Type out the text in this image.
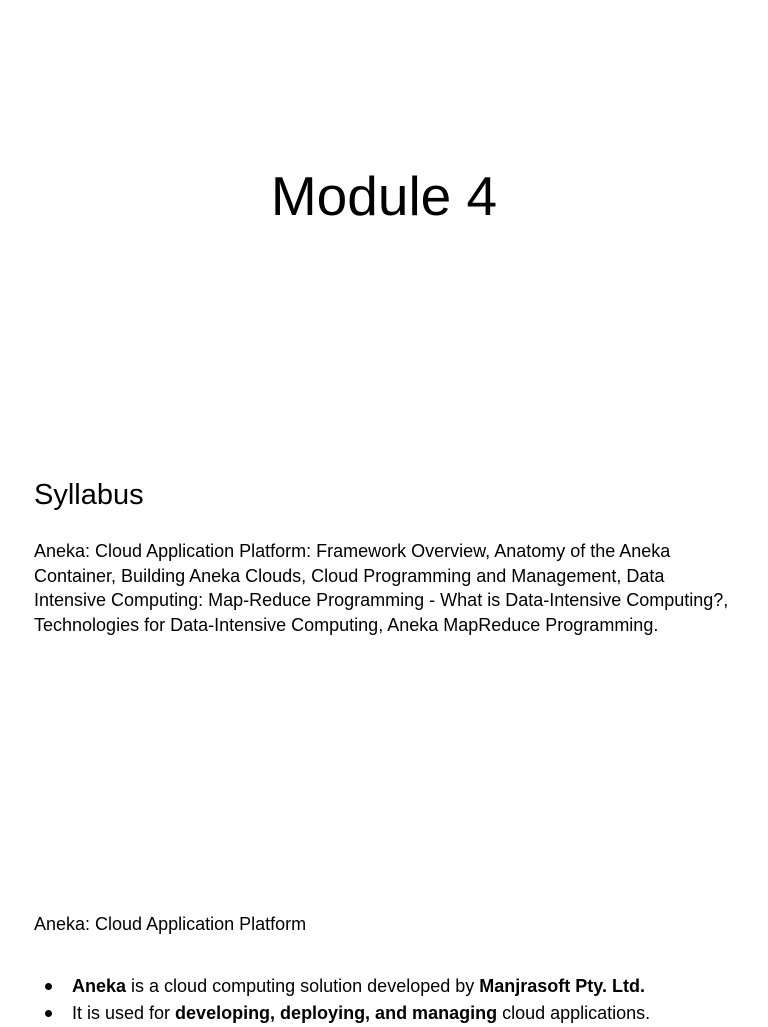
Module 4
Syllabus

Aneka: Cloud Application Platform: Framework Overview, Anatomy of the Aneka Container, Building Aneka Clouds, Cloud Programming and Management, Data Intensive Computing: Map-Reduce Programming - What is Data-Intensive Computing?, Technologies for Data-Intensive Computing, Aneka MapReduce Programming.

Aneka: Cloud Application Platform
Aneka is a cloud computing solution developed by Manjrasoft Pty. Ltd.
It is used for developing, deploying, and managing cloud applications.
